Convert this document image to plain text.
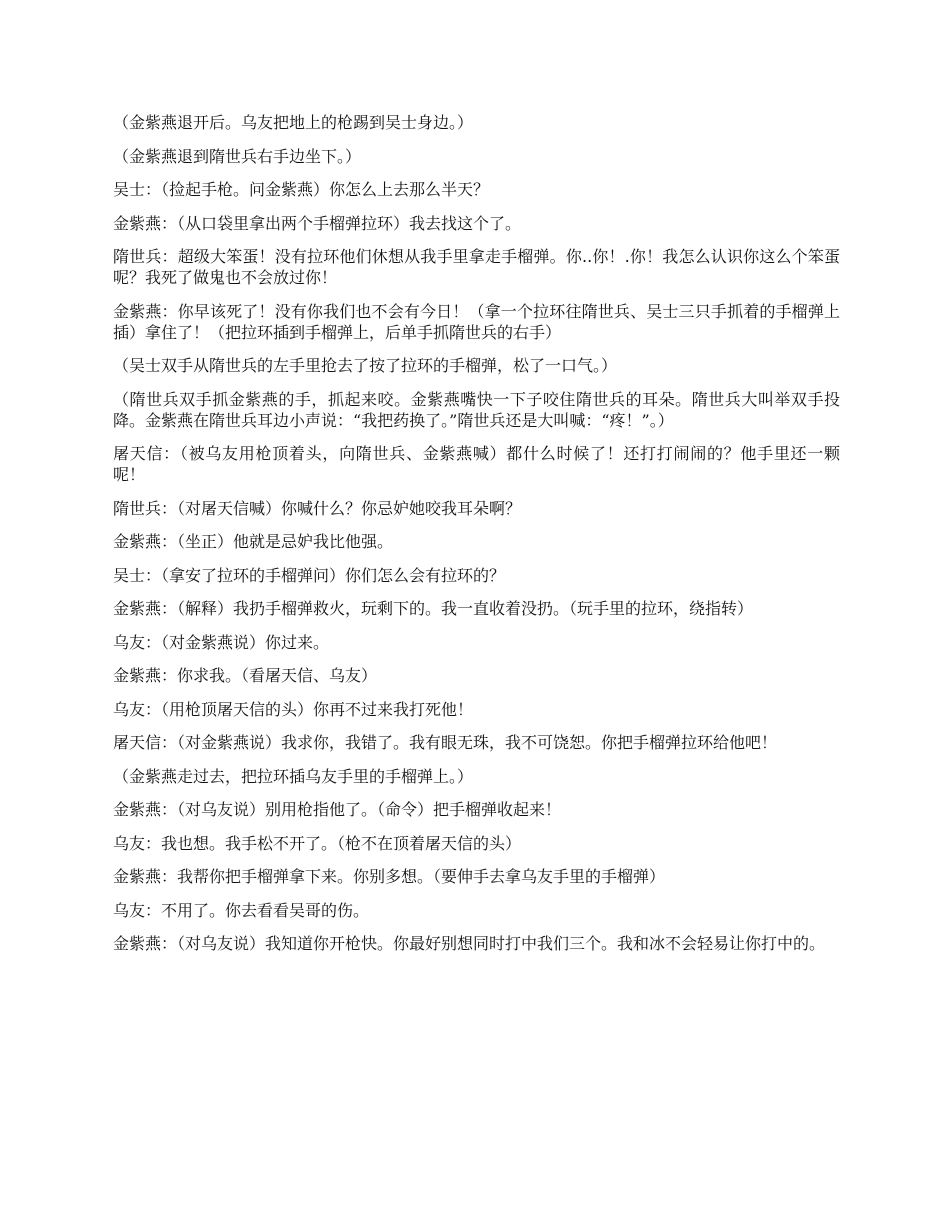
（金紫燕退开后。乌友把地上的枪踢到吴士身边。）

（金紫燕退到隋世兵右手边坐下。）

吴士：（捡起手枪。问金紫燕）你怎么上去那么半天？

金紫燕：（从口袋里拿出两个手榴弹拉环）我去找这个了。

隋世兵：超级大笨蛋！没有拉环他们休想从我手里拿走手榴弹。你..你！.你！我怎么认识你这么个笨蛋呢？我死了做鬼也不会放过你！

金紫燕：你早该死了！没有你我们也不会有今日！（拿一个拉环往隋世兵、吴士三只手抓着的手榴弹上插）拿住了！（把拉环插到手榴弹上，后单手抓隋世兵的右手）

（吴士双手从隋世兵的左手里抢去了按了拉环的手榴弹，松了一口气。）

（隋世兵双手抓金紫燕的手，抓起来咬。金紫燕嘴快一下子咬住隋世兵的耳朵。隋世兵大叫举双手投降。金紫燕在隋世兵耳边小声说：“我把药换了。”隋世兵还是大叫喊：“疼！”。）

屠天信：（被乌友用枪顶着头，向隋世兵、金紫燕喊）都什么时候了！还打打闹闹的？他手里还一颗呢！

隋世兵：（对屠天信喊）你喊什么？你忌妒她咬我耳朵啊？

金紫燕：（坐正）他就是忌妒我比他强。

吴士：（拿安了拉环的手榴弹问）你们怎么会有拉环的？

金紫燕：（解释）我扔手榴弹救火，玩剩下的。我一直收着没扔。（玩手里的拉环，绕指转）

乌友：（对金紫燕说）你过来。

金紫燕：你求我。（看屠天信、乌友）

乌友：（用枪顶屠天信的头）你再不过来我打死他！

屠天信：（对金紫燕说）我求你，我错了。我有眼无珠，我不可饶恕。你把手榴弹拉环给他吧！

（金紫燕走过去，把拉环插乌友手里的手榴弹上。）

金紫燕：（对乌友说）别用枪指他了。（命令）把手榴弹收起来！

乌友：我也想。我手松不开了。（枪不在顶着屠天信的头）

金紫燕：我帮你把手榴弹拿下来。你别多想。（要伸手去拿乌友手里的手榴弹）

乌友：不用了。你去看看吴哥的伤。

金紫燕：（对乌友说）我知道你开枪快。你最好别想同时打中我们三个。我和冰不会轻易让你打中的。
